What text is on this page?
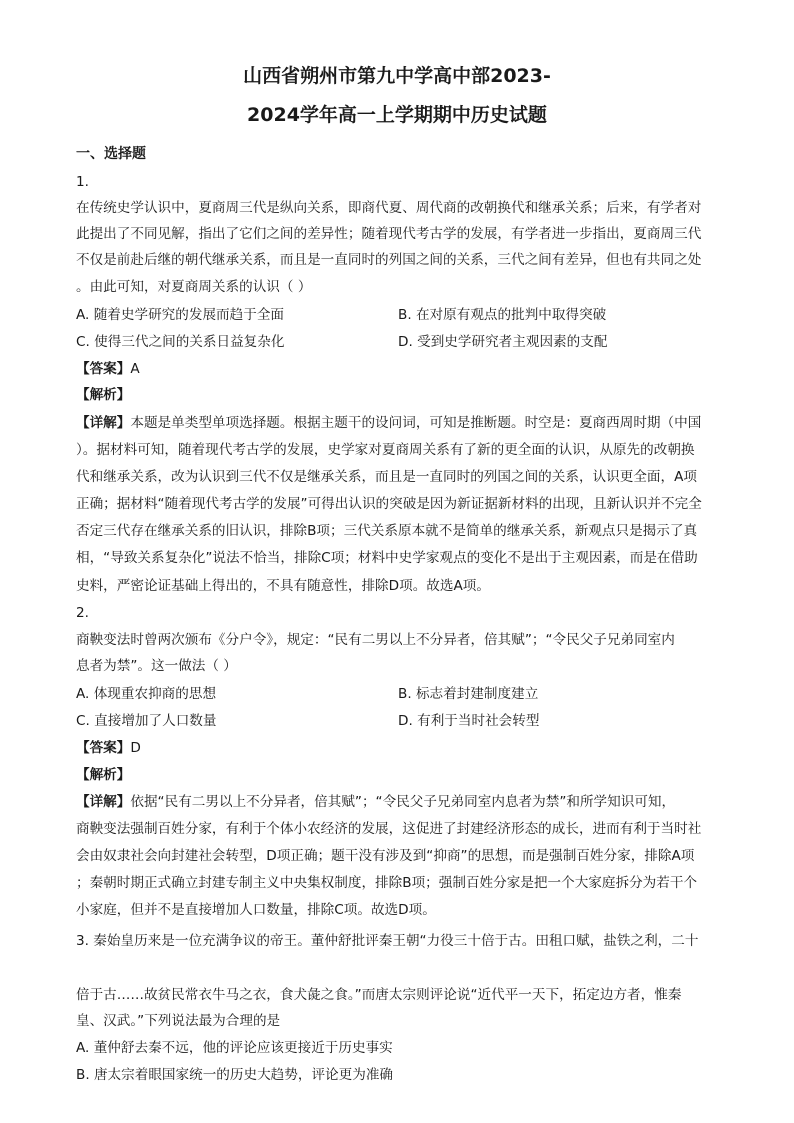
山西省朔州市第九中学高中部2023-
2024学年高一上学期期中历史试题
一、选择题
1.
在传统史学认识中，夏商周三代是纵向关系，即商代夏、周代商的改朝换代和继承关系；后来，有学者对
此提出了不同见解，指出了它们之间的差异性；随着现代考古学的发展，有学者进一步指出，夏商周三代
不仅是前赴后继的朝代继承关系，而且是一直同时的列国之间的关系，三代之间有差异，但也有共同之处
。由此可知，对夏商周关系的认识（ ）
A. 随着史学研究的发展而趋于全面	B. 在对原有观点的批判中取得突破
C. 使得三代之间的关系日益复杂化	D. 受到史学研究者主观因素的支配
【答案】A
【解析】
【详解】本题是单类型单项选择题。根据主题干的设问词，可知是推断题。时空是：夏商西周时期（中国
）。据材料可知，随着现代考古学的发展，史学家对夏商周关系有了新的更全面的认识，从原先的改朝换
代和继承关系，改为认识到三代不仅是继承关系，而且是一直同时的列国之间的关系，认识更全面，A项
正确；据材料“随着现代考古学的发展”可得出认识的突破是因为新证据新材料的出现，且新认识并不完全
否定三代存在继承关系的旧认识，排除B项；三代关系原本就不是简单的继承关系，新观点只是揭示了真
相，“导致关系复杂化”说法不恰当，排除C项；材料中史学家观点的变化不是出于主观因素，而是在借助
史料，严密论证基础上得出的，不具有随意性，排除D项。故选A项。
2.
商鞅变法时曾两次颁布《分户令》，规定：“民有二男以上不分异者，倍其赋”；“令民父子兄弟同室内
息者为禁”。这一做法（ ）
A. 体现重农抑商的思想	B. 标志着封建制度建立
C. 直接增加了人口数量	D. 有利于当时社会转型
【答案】D
【解析】
【详解】依据“民有二男以上不分异者，倍其赋”；“令民父子兄弟同室内息者为禁”和所学知识可知，
商鞅变法强制百姓分家，有利于个体小农经济的发展，这促进了封建经济形态的成长，进而有利于当时社
会由奴隶社会向封建社会转型，D项正确；题干没有涉及到“抑商”的思想，而是强制百姓分家，排除A项
；秦朝时期正式确立封建专制主义中央集权制度，排除B项；强制百姓分家是把一个大家庭拆分为若干个
小家庭，但并不是直接增加人口数量，排除C项。故选D项。
3. 秦始皇历来是一位充满争议的帝王。董仲舒批评秦王朝“力役三十倍于古。田租口赋，盐铁之利，二十
倍于古……故贫民常衣牛马之衣，食犬彘之食。”而唐太宗则评论说“近代平一天下，拓定边方者，惟秦
皇、汉武。”下列说法最为合理的是
A. 董仲舒去秦不远，他的评论应该更接近于历史事实
B. 唐太宗着眼国家统一的历史大趋势，评论更为准确
